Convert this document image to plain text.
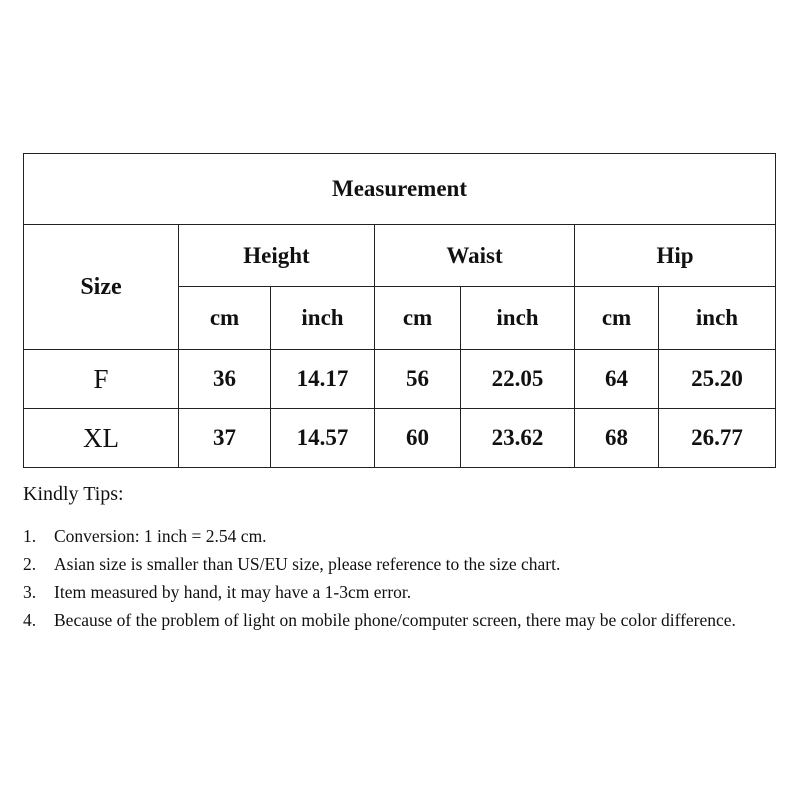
Measurement						
Size	Height		Waist		Hip	
	cm	inch	cm	inch	cm	inch
F	36	14.17	56	22.05	64	25.20
XL	37	14.57	60	23.62	68	26.77
Kindly Tips:
1.	Conversion: 1 inch = 2.54 cm.
2.	Asian size is smaller than US/EU size, please reference to the size chart.
3.	Item measured by hand, it may have a 1-3cm error.
4.	Because of the problem of light on mobile phone/computer screen, there may be color difference.
